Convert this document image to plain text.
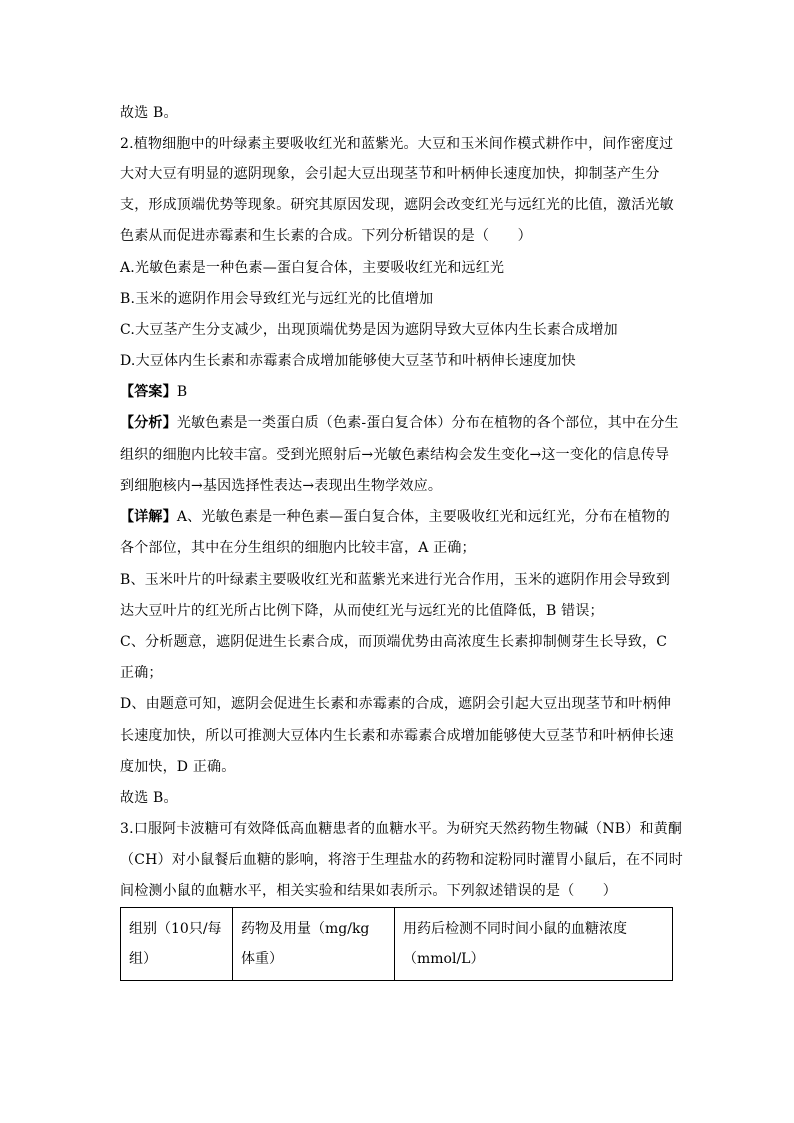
故选 B。
2.植物细胞中的叶绿素主要吸收红光和蓝紫光。大豆和玉米间作模式耕作中，间作密度过
大对大豆有明显的遮阴现象，会引起大豆出现茎节和叶柄伸长速度加快，抑制茎产生分
支，形成顶端优势等现象。研究其原因发现，遮阴会改变红光与远红光的比值，激活光敏
色素从而促进赤霉素和生长素的合成。下列分析错误的是（　　）
A.光敏色素是一种色素—蛋白复合体，主要吸收红光和远红光
B.玉米的遮阴作用会导致红光与远红光的比值增加
C.大豆茎产生分支减少，出现顶端优势是因为遮阴导致大豆体内生长素合成增加
D.大豆体内生长素和赤霉素合成增加能够使大豆茎节和叶柄伸长速度加快
【答案】B
【分析】光敏色素是一类蛋白质（色素-蛋白复合体）分布在植物的各个部位，其中在分生
组织的细胞内比较丰富。受到光照射后→光敏色素结构会发生变化→这一变化的信息传导
到细胞核内→基因选择性表达→表现出生物学效应。
【详解】A、光敏色素是一种色素—蛋白复合体，主要吸收红光和远红光，分布在植物的
各个部位，其中在分生组织的细胞内比较丰富，A 正确；
B、玉米叶片的叶绿素主要吸收红光和蓝紫光来进行光合作用，玉米的遮阴作用会导致到
达大豆叶片的红光所占比例下降，从而使红光与远红光的比值降低，B 错误；
C、分析题意，遮阴促进生长素合成，而顶端优势由高浓度生长素抑制侧芽生长导致，C
正确；
D、由题意可知，遮阴会促进生长素和赤霉素的合成，遮阴会引起大豆出现茎节和叶柄伸
长速度加快，所以可推测大豆体内生长素和赤霉素合成增加能够使大豆茎节和叶柄伸长速
度加快，D 正确。
故选 B。
3.口服阿卡波糖可有效降低高血糖患者的血糖水平。为研究天然药物生物碱（NB）和黄酮
（CH）对小鼠餐后血糖的影响，将溶于生理盐水的药物和淀粉同时灌胃小鼠后，在不同时
间检测小鼠的血糖水平，相关实验和结果如表所示。下列叙述错误的是（　　）
组别（10只/每组）	药物及用量（mg/kg 体重）	用药后检测不同时间小鼠的血糖浓度（mmol/L）
